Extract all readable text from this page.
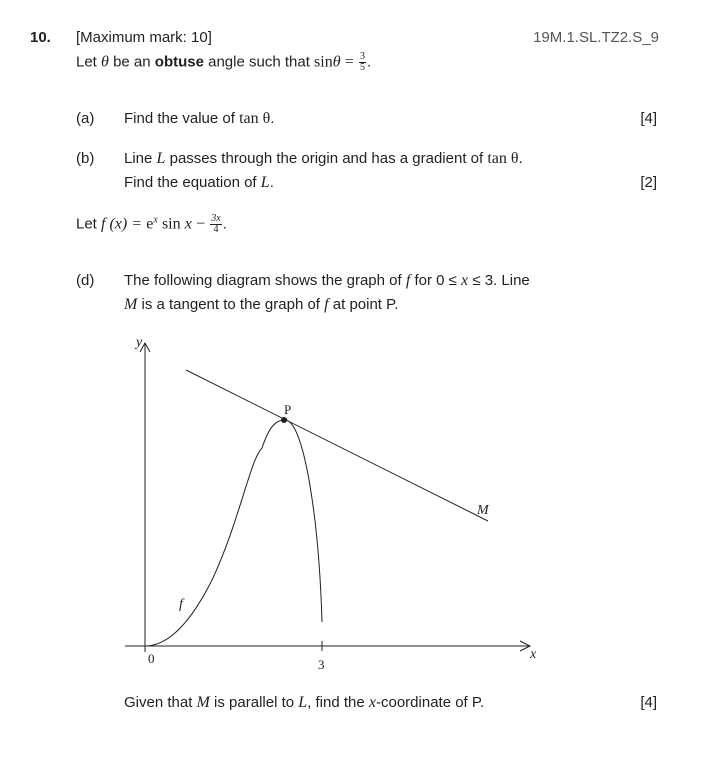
10. [Maximum mark: 10]	19M.1.SL.TZ2.S_9
Let θ be an obtuse angle such that $\sin\theta = \frac{3}{5}$ .
(a) Find the value of tan θ.	[4]
(b) Line L passes through the origin and has a gradient of tan θ.
Find the equation of L.	[2]
Let f $(x) = e^x$ $\sin x - \frac{3x}{4}$ .
(d) The following diagram shows the graph of f for 0 ≤ x ≤ 3. Line
M is a tangent to the graph of f at point P.
y
x
0	3
f
M
P
Given that M is parallel to L, find the x-coordinate of P.	[4]
